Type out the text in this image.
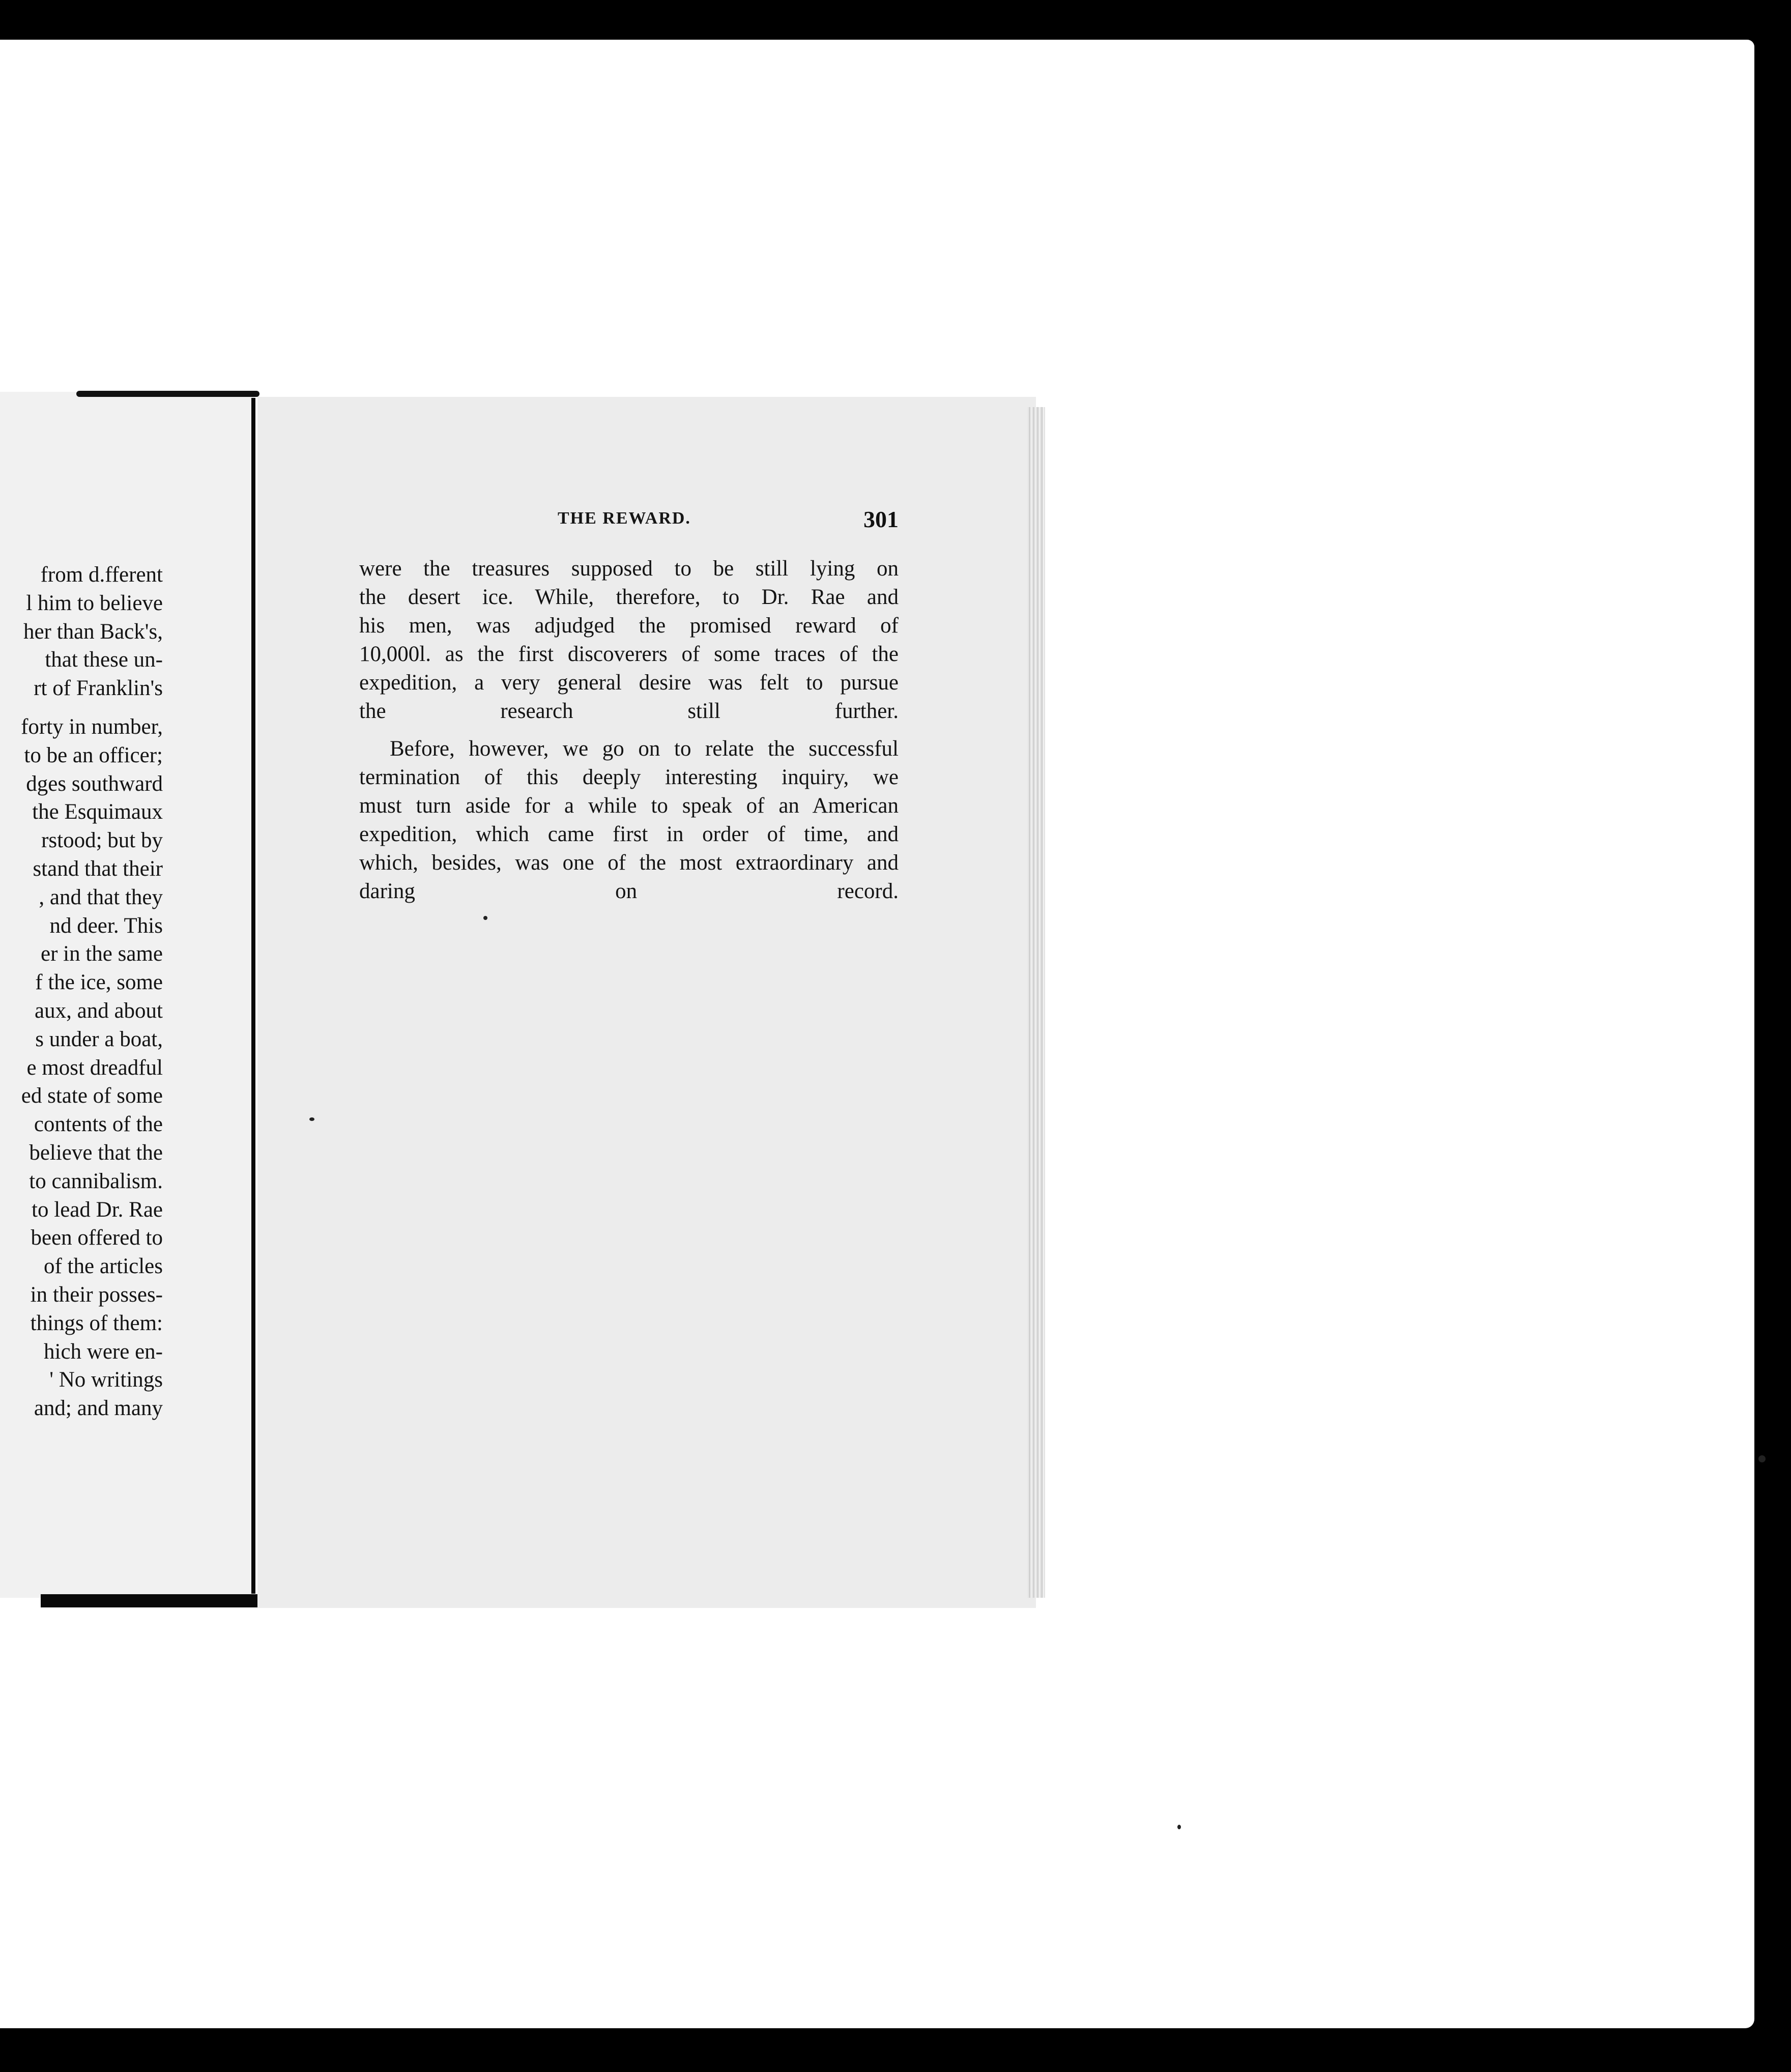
from d.fferent
l him to believe
her than Back's,
that these un-
rt of Franklin's
forty in number,
to be an officer;
dges southward
the Esquimaux
rstood; but by
stand that their
, and that they
nd deer. This
er in the same
f the ice, some
aux, and about
s under a boat,
e most dreadful
ed state of some
contents of the
believe that the
to cannibalism.
to lead Dr. Rae
been offered to
of the articles
in their posses-
things of them:
hich were en-
' No writings
and; and many
THE REWARD.	301

were the treasures supposed to be still lying on

the desert ice. While, therefore, to Dr. Rae and

his men, was adjudged the promised reward of

10,000l. as the first discoverers of some traces of the

expedition, a very general desire was felt to pursue

the research still further.

Before, however, we go on to relate the successful

termination of this deeply interesting inquiry, we

must turn aside for a while to speak of an American

expedition, which came first in order of time, and

which, besides, was one of the most extraordinary and

daring on record.
